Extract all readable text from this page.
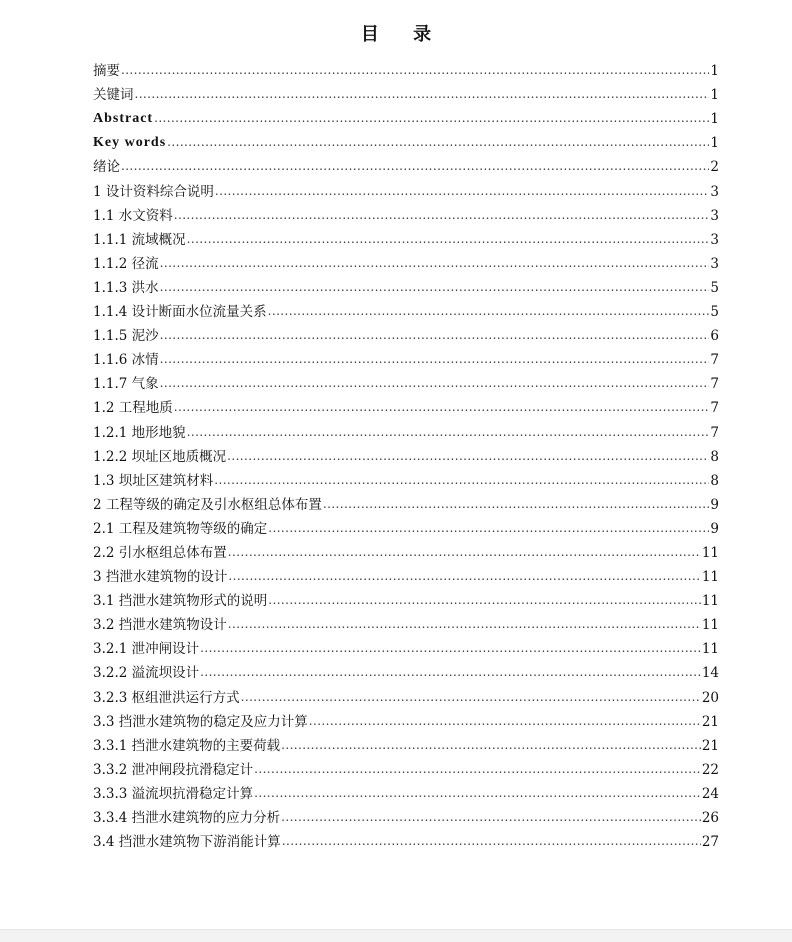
目 录
摘要 .....	1
关键词 .....	1
Abstract .....	1
Key words .....	1
绪论 .....	2
1 设计资料综合说明 .....	3
1.1 水文资料 .....	3
1.1.1 流域概况 .....	3
1.1.2 径流 .....	3
1.1.3 洪水 .....	5
1.1.4 设计断面水位流量关系 .....	5
1.1.5 泥沙 .....	6
1.1.6 冰情 .....	7
1.1.7 气象 .....	7
1.2 工程地质 .....	7
1.2.1 地形地貌 .....	7
1.2.2 坝址区地质概况 .....	8
1.3 坝址区建筑材料 .....	8
2 工程等级的确定及引水枢组总体布置 .....	9
2.1 工程及建筑物等级的确定 .....	9
2.2 引水枢组总体布置 .....	11
3 挡泄水建筑物的设计 .....	11
3.1 挡泄水建筑物形式的说明 .....	11
3.2 挡泄水建筑物设计 .....	11
3.2.1 泄冲闸设计 .....	11
3.2.2 溢流坝设计 .....	14
3.2.3 枢组泄洪运行方式 .....	20
3.3 挡泄水建筑物的稳定及应力计算 .....	21
3.3.1 挡泄水建筑物的主要荷载 .....	21
3.3.2 泄冲闸段抗滑稳定计 .....	22
3.3.3 溢流坝抗滑稳定计算 .....	24
3.3.4 挡泄水建筑物的应力分析 .....	26
3.4 挡泄水建筑物下游消能计算 .....	27
